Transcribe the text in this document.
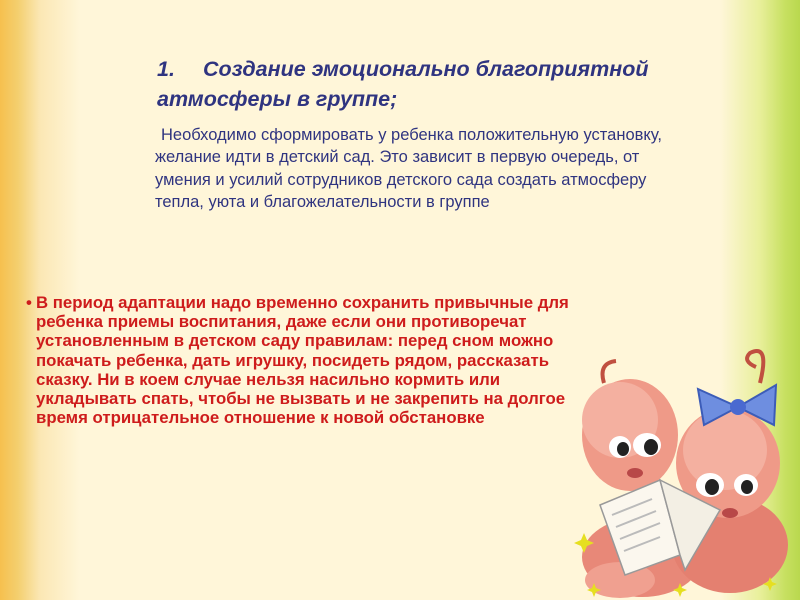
1. Создание эмоционально благоприятной атмосферы в группе;

Необходимо сформировать у ребенка положительную установку, желание идти в детский сад. Это зависит в первую очередь, от умения и усилий сотрудников детского сада создать атмосферу тепла, уюта и благожелательности в группе

• В период адаптации надо временно сохранить привычные для ребенка приемы воспитания, даже если они противоречат установленным в детском саду правилам: перед сном можно покачать ребенка, дать игрушку, посидеть рядом, рассказать сказку. Ни в коем случае нельзя насильно кормить или укладывать спать, чтобы не вызвать и не закрепить на долгое время отрицательное отношение к новой обстановке
